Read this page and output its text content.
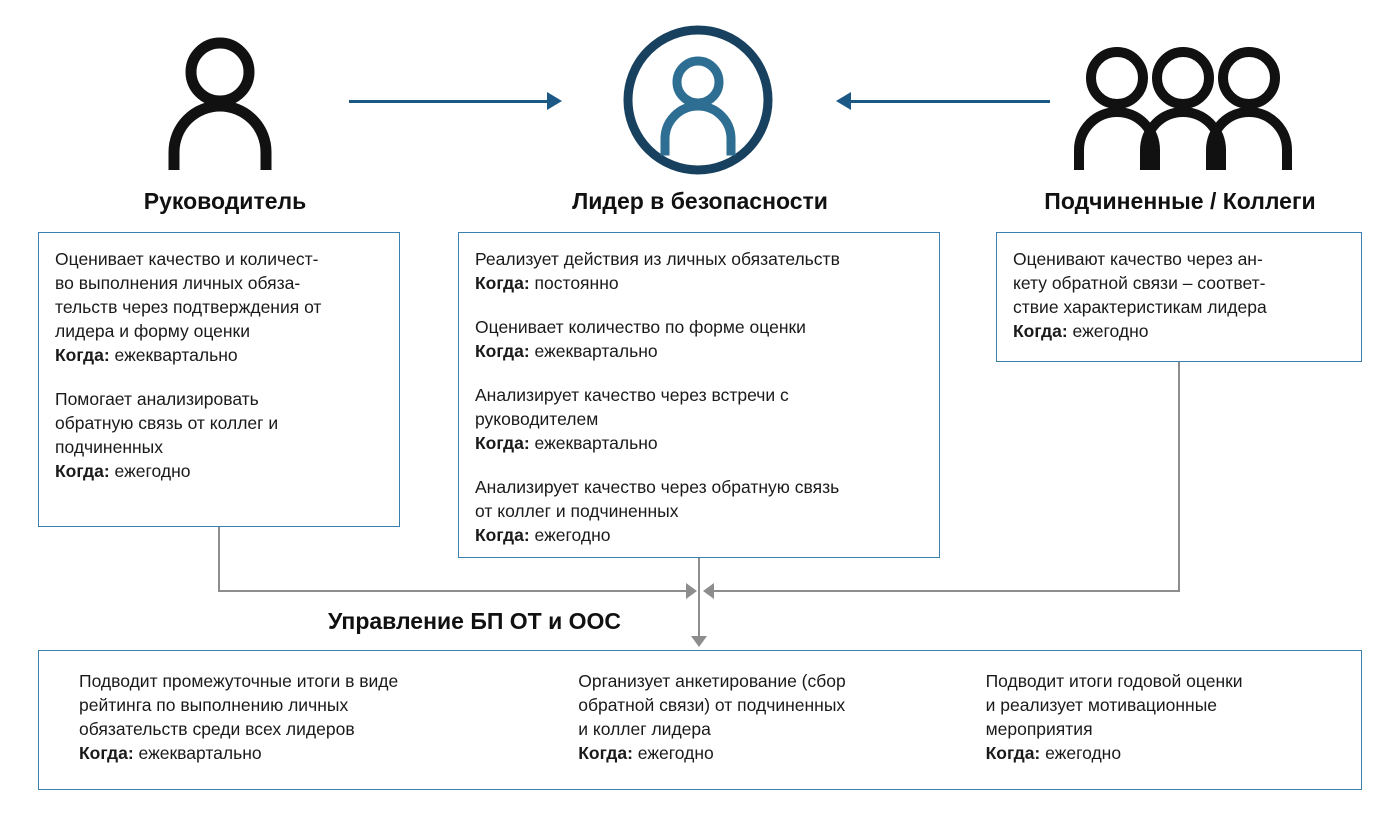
Руководитель	Лидер в безопасности	Подчиненные / Коллеги
Оценивает качество и количест-
во выполнения личных обяза-
тельств через подтверждения от
лидера и форму оценки
Когда: ежеквартально
Помогает анализировать
обратную связь от коллег и
подчиненных
Когда: ежегодно
Реализует действия из личных обязательств
Когда: постоянно
Оценивает количество по форме оценки
Когда: ежеквартально
Анализирует качество через встречи с
руководителем
Когда: ежеквартально
Анализирует качество через обратную связь
от коллег и подчиненных
Когда: ежегодно
Оценивают качество через ан-
кету обратной связи – соответ-
ствие характеристикам лидера
Когда: ежегодно
Управление БП ОТ и ООС
Подводит промежуточные итоги в виде
рейтинга по выполнению личных
обязательств среди всех лидеров
Когда: ежеквартально
Организует анкетирование (сбор
обратной связи) от подчиненных
и коллег лидера
Когда: ежегодно
Подводит итоги годовой оценки
и реализует мотивационные
мероприятия
Когда: ежегодно
